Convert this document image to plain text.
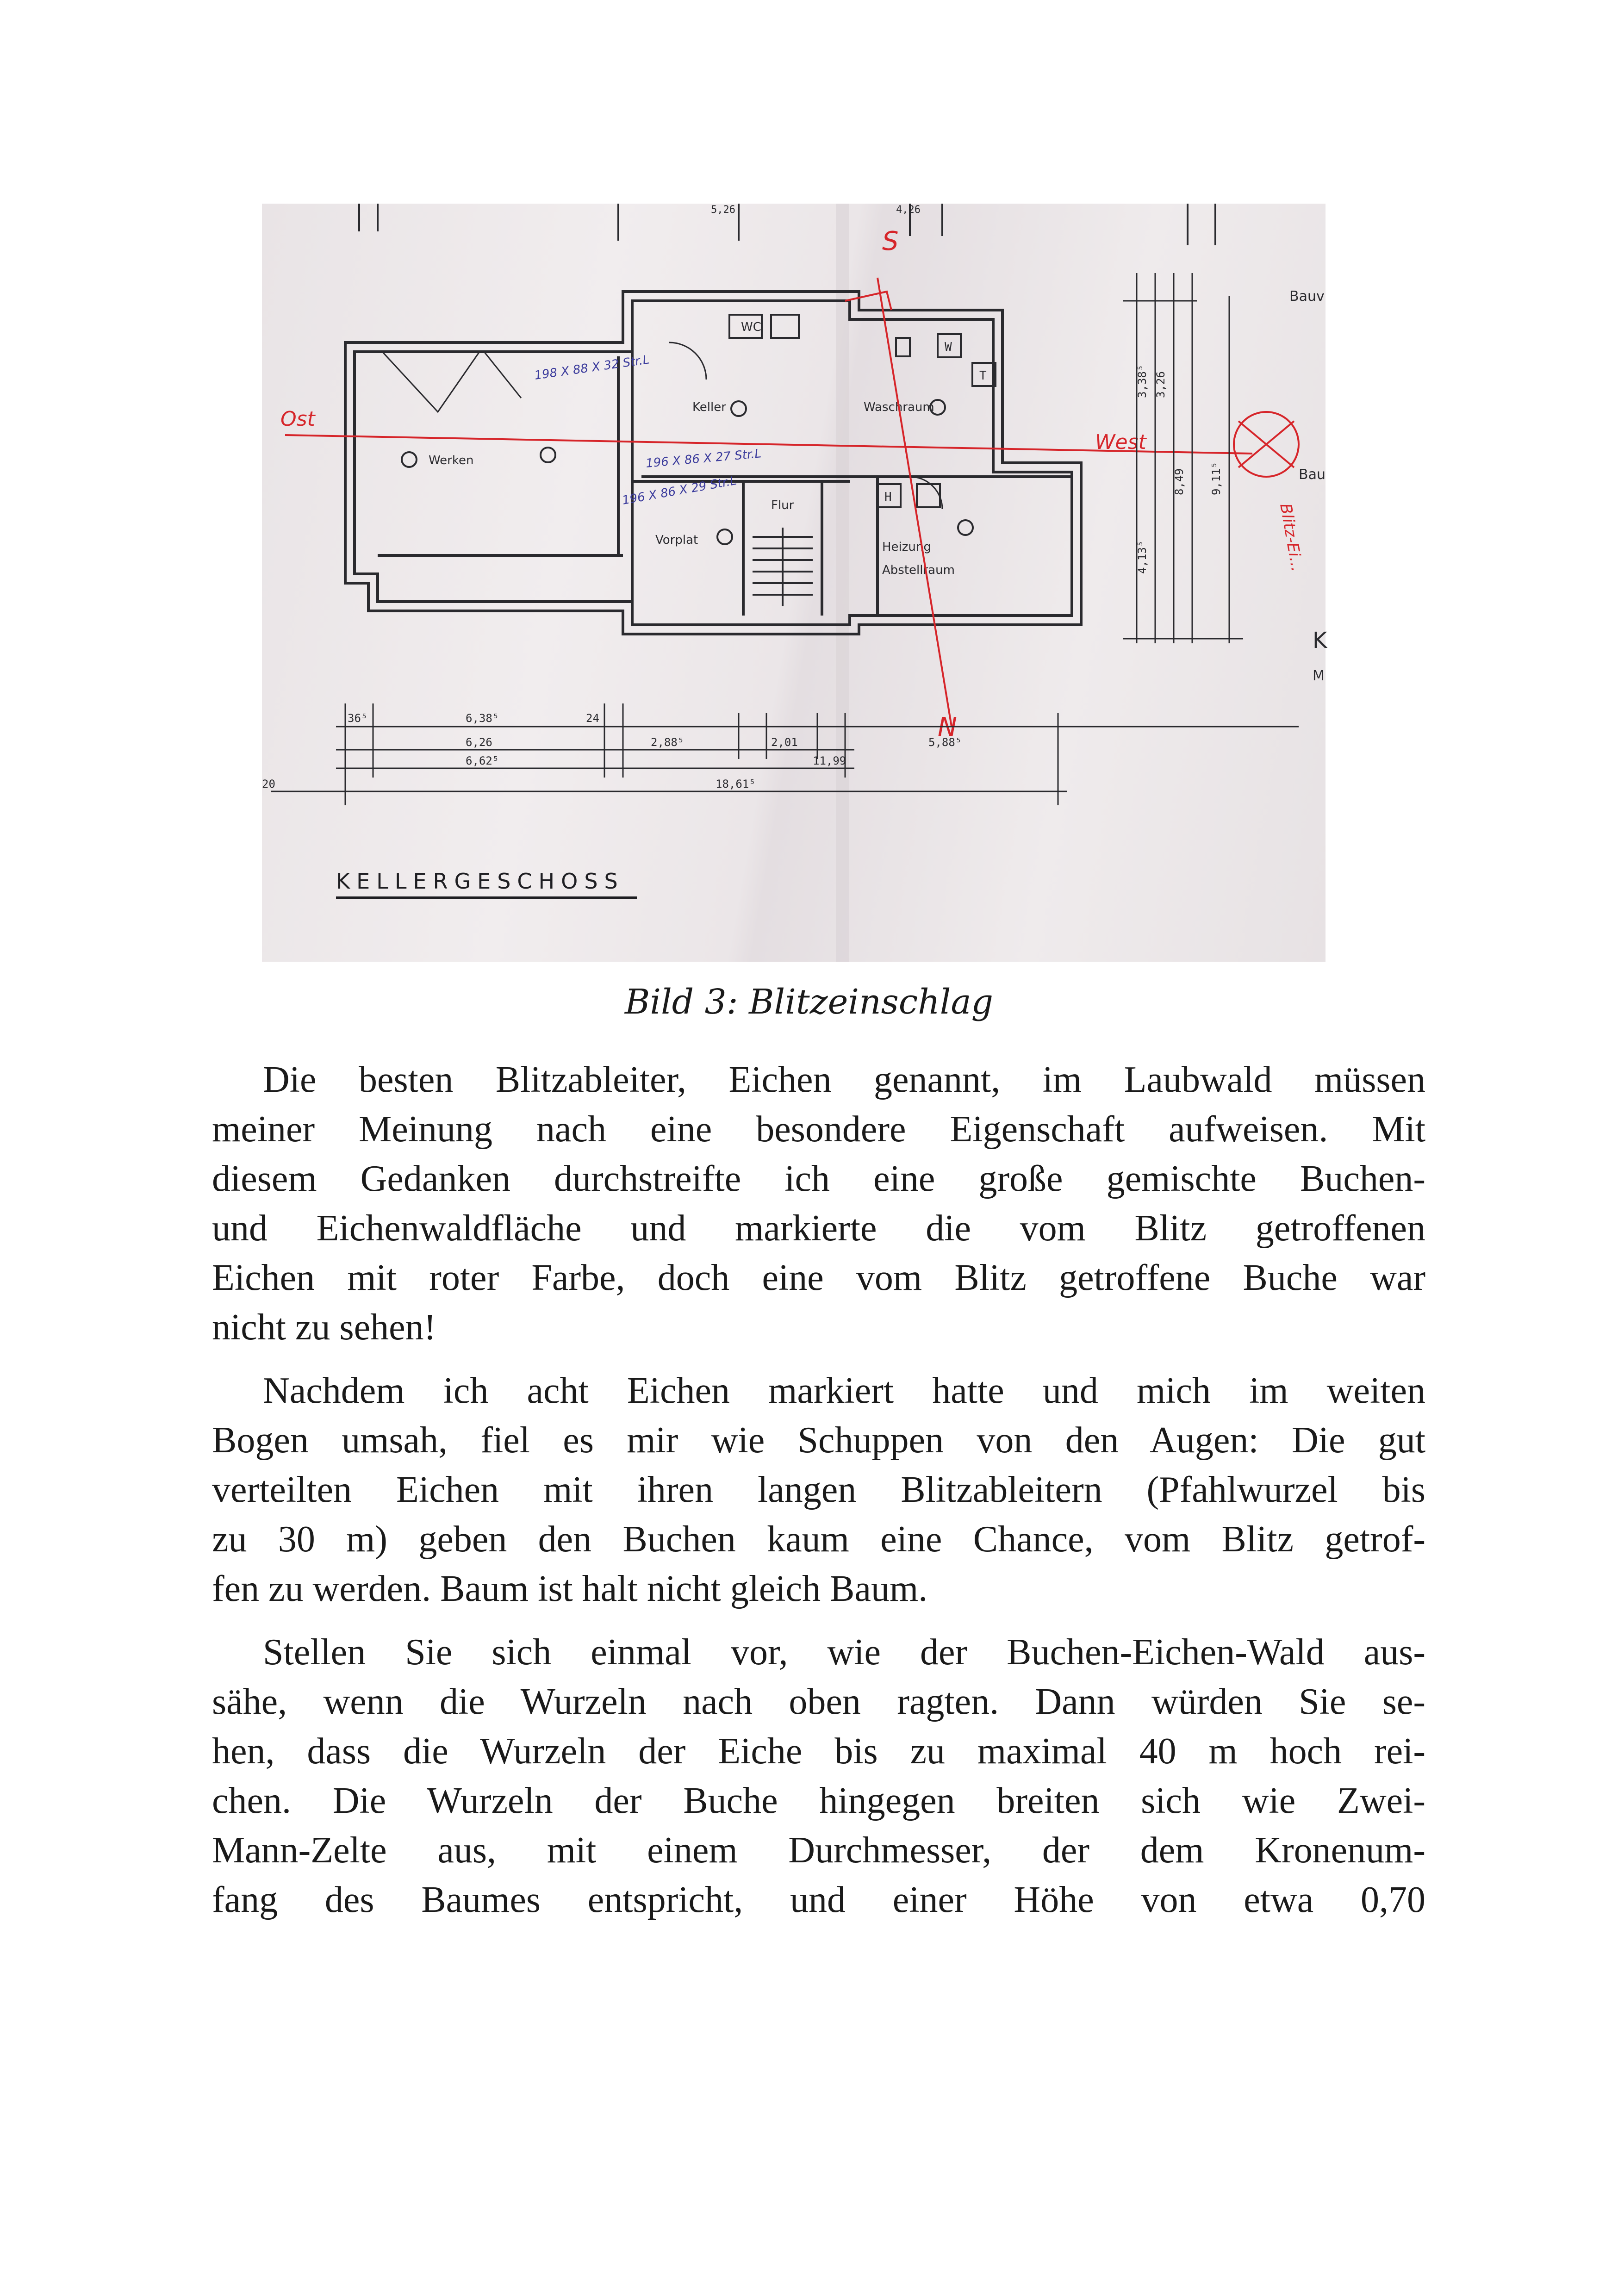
W
T
H
Werken
Keller	Waschraum
Vorplat
Flur
Heizung
Abstellraum
WC
198 X 88 X 32 Str.L
196 X 86 X 27 Str.L
196 X 86 X 29 Str.L
Ost
West
S
N
Blitz-Ei...
3,38⁵ 3,26
8,49 9,11⁵
4,13⁵
Bauv
Bau
K
M
5,26	4,26
36⁵	6,38⁵	24
6,26
6,62⁵
2,88⁵	2,01
11,99
5,88⁵
18,61⁵
20
KELLERGESCHOSS
Bild 3: Blitzeinschlag
Die besten Blitzableiter, Eichen genannt, im Laubwald müssen
meiner Meinung nach eine besondere Eigenschaft aufweisen. Mit
diesem Gedanken durchstreifte ich eine große gemischte Buchen-
und Eichenwaldfläche und markierte die vom Blitz getroffenen
Eichen mit roter Farbe, doch eine vom Blitz getroffene Buche war
nicht zu sehen!
Nachdem ich acht Eichen markiert hatte und mich im weiten
Bogen umsah, fiel es mir wie Schuppen von den Augen: Die gut
verteilten Eichen mit ihren langen Blitzableitern (Pfahlwurzel bis
zu 30 m) geben den Buchen kaum eine Chance, vom Blitz getrof-
fen zu werden. Baum ist halt nicht gleich Baum.
Stellen Sie sich einmal vor, wie der Buchen-Eichen-Wald aus-
sähe, wenn die Wurzeln nach oben ragten. Dann würden Sie se-
hen, dass die Wurzeln der Eiche bis zu maximal 40 m hoch rei-
chen. Die Wurzeln der Buche hingegen breiten sich wie Zwei-
Mann-Zelte aus, mit einem Durchmesser, der dem Kronenum-
fang des Baumes entspricht, und einer Höhe von etwa 0,70
